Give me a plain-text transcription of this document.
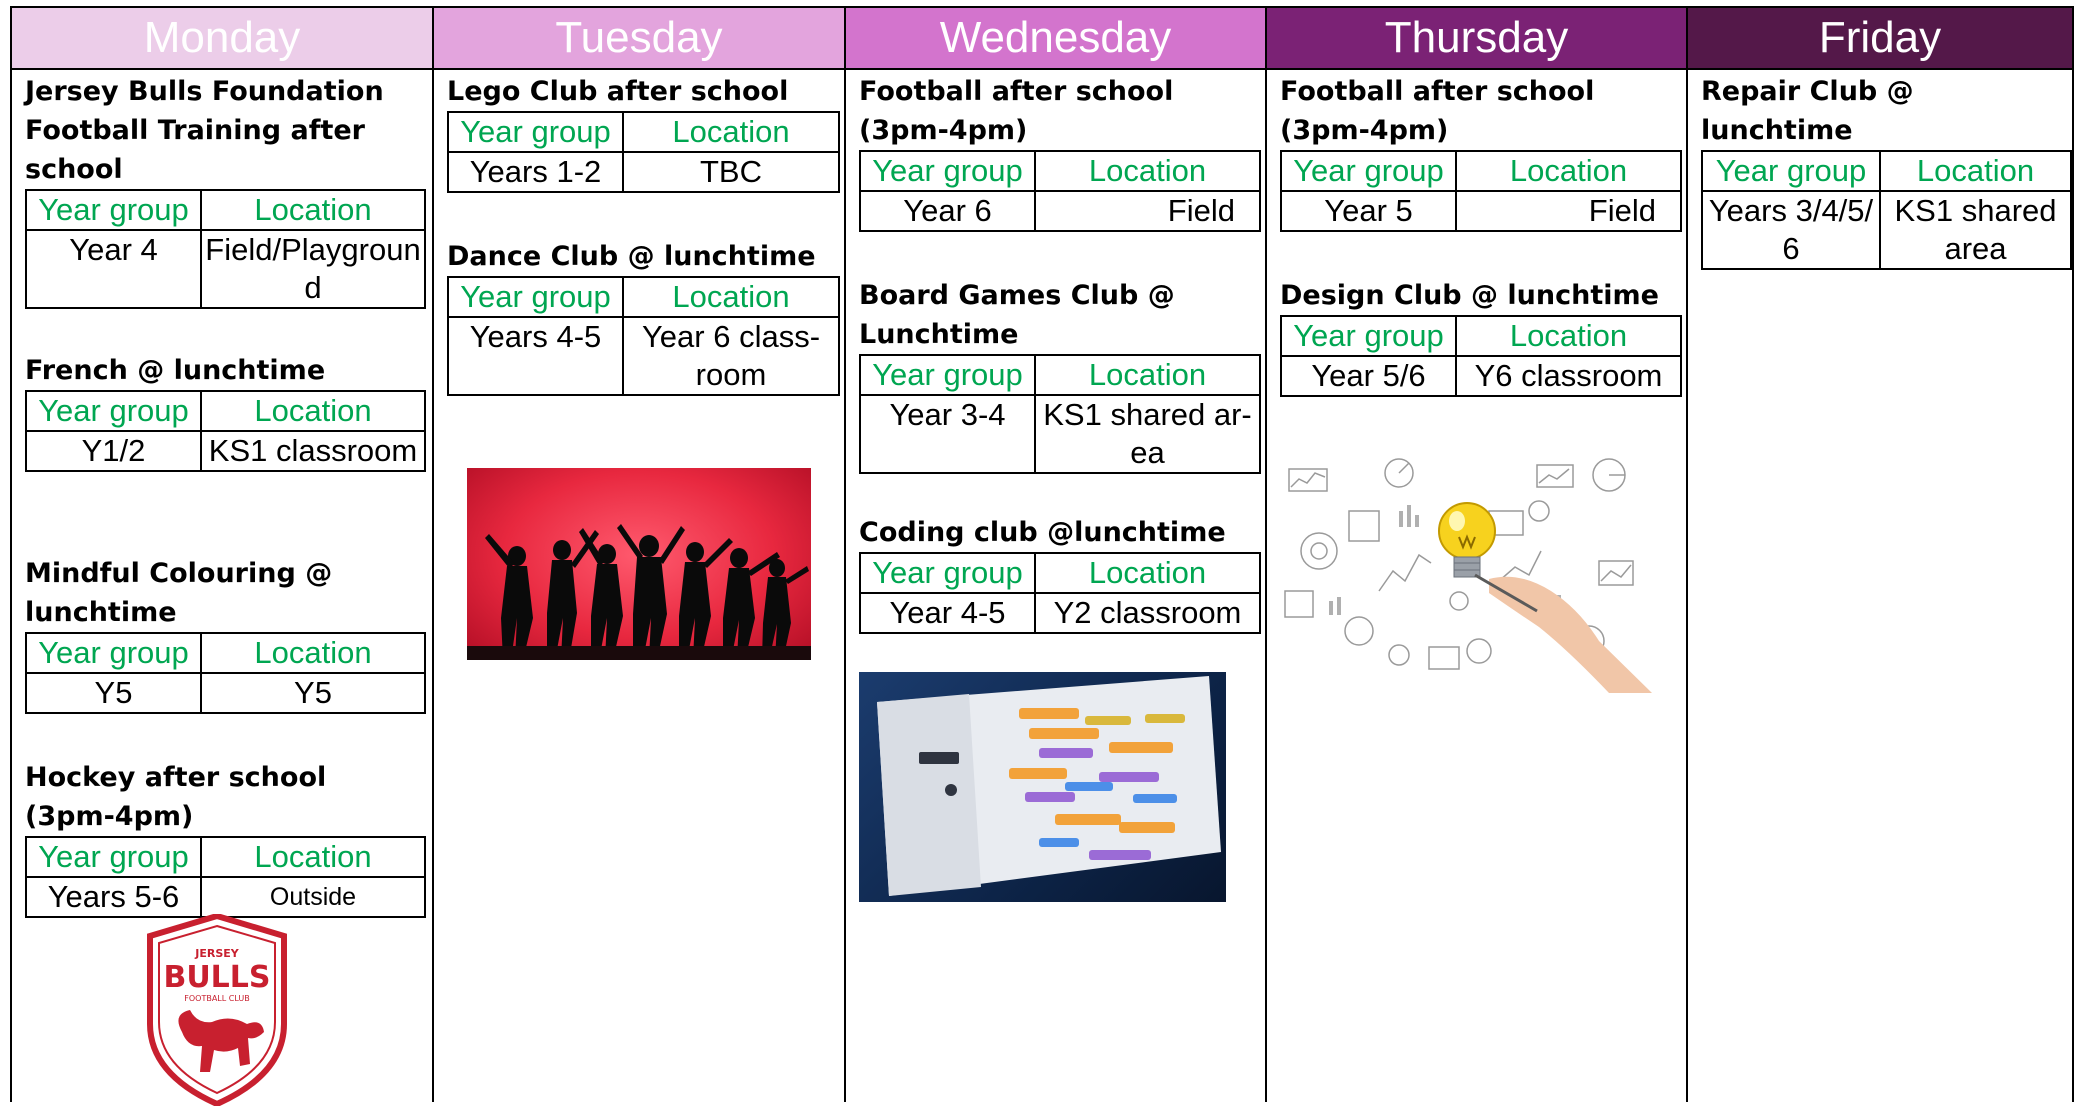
Monday
Jersey Bulls Foundation Football Training after school
Year group	Location
Year 4	Field/Playground
French @ lunchtime
Year group	Location
Y1/2	KS1 classroom
Mindful Colouring @ lunchtime
Year group	Location
Y5	Y5
Hockey after school (3pm-4pm)
Year group	Location
Years 5-6	Outside
JERSEY
BULLS
FOOTBALL CLUB
Tuesday
Lego Club after school
Year group	Location
Years 1-2	TBC
Dance Club @ lunchtime
Year group	Location
Years 4-5	Year 6 class-room
Wednesday
Football after school (3pm-4pm)
Year group	Location
Year 6	Field
Board Games Club @ Lunchtime
Year group	Location
Year 3-4	KS1 shared ar-ea
Coding club @lunchtime
Year group	Location
Year 4-5	Y2 classroom
Thursday
Football after school (3pm-4pm)
Year group	Location
Year 5	Field
Design Club @ lunchtime
Year group	Location
Year 5/6	Y6 classroom
Friday
Repair Club @ lunchtime
Year group	Location
Years 3/4/5/6	KS1 shared area
